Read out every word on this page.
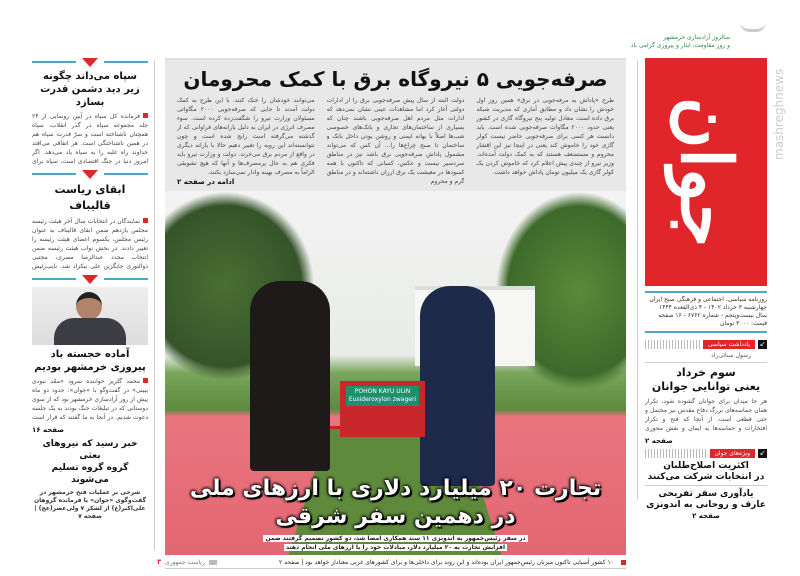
mashreghnews
سالروز آزادسازی خرمشهر
و روز مقاومت، ایثار و پیروزی گرامی باد
جوان
روزنامه سیاسی، اجتماعی و فرهنگی صبح ایران
چهارشنبه ۳ خرداد ۱۴۰۲ - ۴ ذی‌القعده ۱۴۴۴
سال بیست‌وپنجم - شماره ۶۷۶۲ - ۱۶ صفحه
قیمت: ۳۰۰۰ تومان
یادداشت سیاسی	↙
رسول سنائی‌راد
سوم خرداد
یعنی توانایی جوانان
هر جا میدان برای جوانان گشوده شود، تکرار همان حماسه‌های بزرگ دفاع مقدس نیز محتمل و حتی قطعی است. از آنجا که فتح و تکرار افتخارات و حماسه‌ها به ایمان و نقش محوری
صفحه ۲
ویژه‌های جوان	↙
اکثریت اصلاح‌طلبان
در انتخابات شرکت می‌کنند
یادآوری سفر تفریحی
عارف و روحانی به اندونزی
صفحه ۲
صرفه‌جویی ۵ نیروگاه برق با کمک محرومان
طرح «پاداش به مرفه‌جویی در برق» همین روز اول خودش را نشان داد و مطابق آماری که مدیریت شبکه برق داده است، معادل تولید پنج نیروگاه گازی در کشور یعنی حدود ۲۰۰۰ مگاوات صرفه‌جویی شده است. باید دانست هر کسی برای صرفه‌جویی حاضر نیست کولر گازی خود را خاموش کند یعنی در اینجا نیز این اقشار محروم و مستضعف هستند که به کمک دولت آمده‌اند. وزیر نیرو از چندی پیش اعلام کرد که خاموش کردن یک کولر گازی یک میلیون تومان پاداش خواهد داشت.
دولت البته از سال پیش صرفه‌جویی برق را از ادارات دولتی آغاز کرد اما مشاهدات عینی نشان نمی‌دهد که ادارات مثل مردم اهل صرفه‌جویی باشند چنان که بسیاری از ساختمان‌های تجاری و بانک‌های خصوصی شب‌ها اصلاً با بهانه ایمنی و روشن بودن داخل بانک و ساختمان تا صبح چراغ‌ها را... آن کس که می‌تواند مشمول پاداش صرفه‌جویی برق باشد نیز در مناطق سردسیر نیست و عکس، کسانی که تاکنون با همه کمبودها در معیشت یک برق ارزان داشته‌اند و در مناطق گرم و محروم
می‌توانند خودشان را خنک کنند. با این طرح به کمک دولت آمدند تا جایی که صرفه‌جویی ۲۰۰۰ مگاواتی مسئولان وزارت نیرو را شگفت‌زده کرده است. سوء مصرف انرژی در ایران به دلیل یارانه‌های فراوانی که از گذشته می‌گرفته است رایج شده است و چون نتوانسته‌اند این رویه را تغییر دهیم حالا با یارانه دیگری در واقع از مردم برق می‌خرند. دولت و وزارت نیرو باید فکری هم به حال پرمصرف‌ها و آنها که هیچ تشویقی الزاماً به مصرف بهینه وادار نمی‌سازد بکنند.
ادامه در صفحه ۲
POHON KAYU ULIN
Eusideroxylon zwageri
تجارت ۲۰ میلیارد دلاری با ارزهای ملی
در دهمین سفر شرقی
در سفر رئیس‌جمهور به اندونزی ۱۱ سند همکاری امضا شد، دو کشور تصمیم گرفتند ضمن
افزایش تجارت به ۲۰ میلیارد دلار، مبادلات خود را با ارزهای ملی انجام دهند
۱۰ کشور آسیایی تاکنون میزبان رئیس‌جمهور ایران بوده‌اند و این روند برای داخلی‌ها و برای کشورهای غربی معنادار خواهد بود | صفحه ۲
ریاست جمهوری
۳
سپاه می‌داند چگونه
زیر دید دشمن قدرت بسازد
فرمانده کل سپاه در آیین رونمایی از ۲۴ جلد مجموعه سپاه در گذر انقلاب، سپاه همچنان ناشناخته است و سرّ قدرت سپاه هم در همین ناشناختگی است. هر اتفاقی می‌افتد خداوند راه غلبه را به سپاه یاد می‌دهد. اگر امروز دنیا در جنگ اقتصادی است، سپاه برای
ابقای ریاست قالیباف
نمایندگان در انتخابات سال آخر هیئت رئیسه مجلس یازدهم ضمن ابقای قالیباف به عنوان رئیس مجلس، یکسوم اعضای هیئت رئیسه را تغییر دادند. در بخش نواب هیئت رئیسه ضمن انتخاب مجدد عبدالرضا مصری، مجتبی ذوالنوری جایگزین علی نیکزاد شد. نایب‌رئیس
آماده خجسته باد
پیروزی خرمشهر بودیم
محمد گلریز خواننده سرود «ممّد نبودی ببینی» در گفت‌وگو با «جوان»: حدود دو ماه پیش از روز آزادسازی خرمشهر بود که از سوی دوستانی که در تبلیغات جنگ بودند به یک جلسه دعوت شدیم. در آنجا به ما گفتند که قرار است
صفحه ۱۶
خبر رسید که نیروهای بعثی
گروه گروه تسلیم می‌شوند
شرحی بر عملیات فتح خرمشهر در گفت‌وگوی «جوان» با فرمانده گروهان علی‌اکبر(ع) از لشکر ۷ ولی‌عصر(عج) | صفحه ۷
